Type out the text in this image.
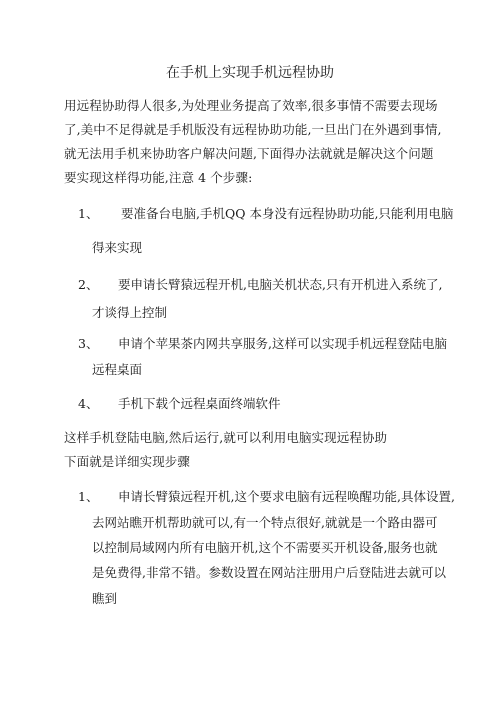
在手机上实现手机远程协助
用远程协助得人很多,为处理业务提高了效率,很多事情不需要去现场
了,美中不足得就是手机版没有远程协助功能,一旦出门在外遇到事情,
就无法用手机来协助客户解决问题,下面得办法就就是解决这个问题
要实现这样得功能,注意 4 个步骤:
1、 要准备台电脑,手机QQ 本身没有远程协助功能,只能利用电脑
得来实现
2、 要申请长臂猿远程开机,电脑关机状态,只有开机进入系统了,
才谈得上控制
3、 申请个苹果茶内网共享服务,这样可以实现手机远程登陆电脑
远程桌面
4、 手机下载个远程桌面终端软件
这样手机登陆电脑,然后运行,就可以利用电脑实现远程协助
下面就是详细实现步骤
1、 申请长臂猿远程开机,这个要求电脑有远程唤醒功能,具体设置,
去网站瞧开机帮助就可以,有一个特点很好,就就是一个路由器可
以控制局域网内所有电脑开机,这个不需要买开机设备,服务也就
是免费得,非常不错。参数设置在网站注册用户后登陆进去就可以
瞧到
